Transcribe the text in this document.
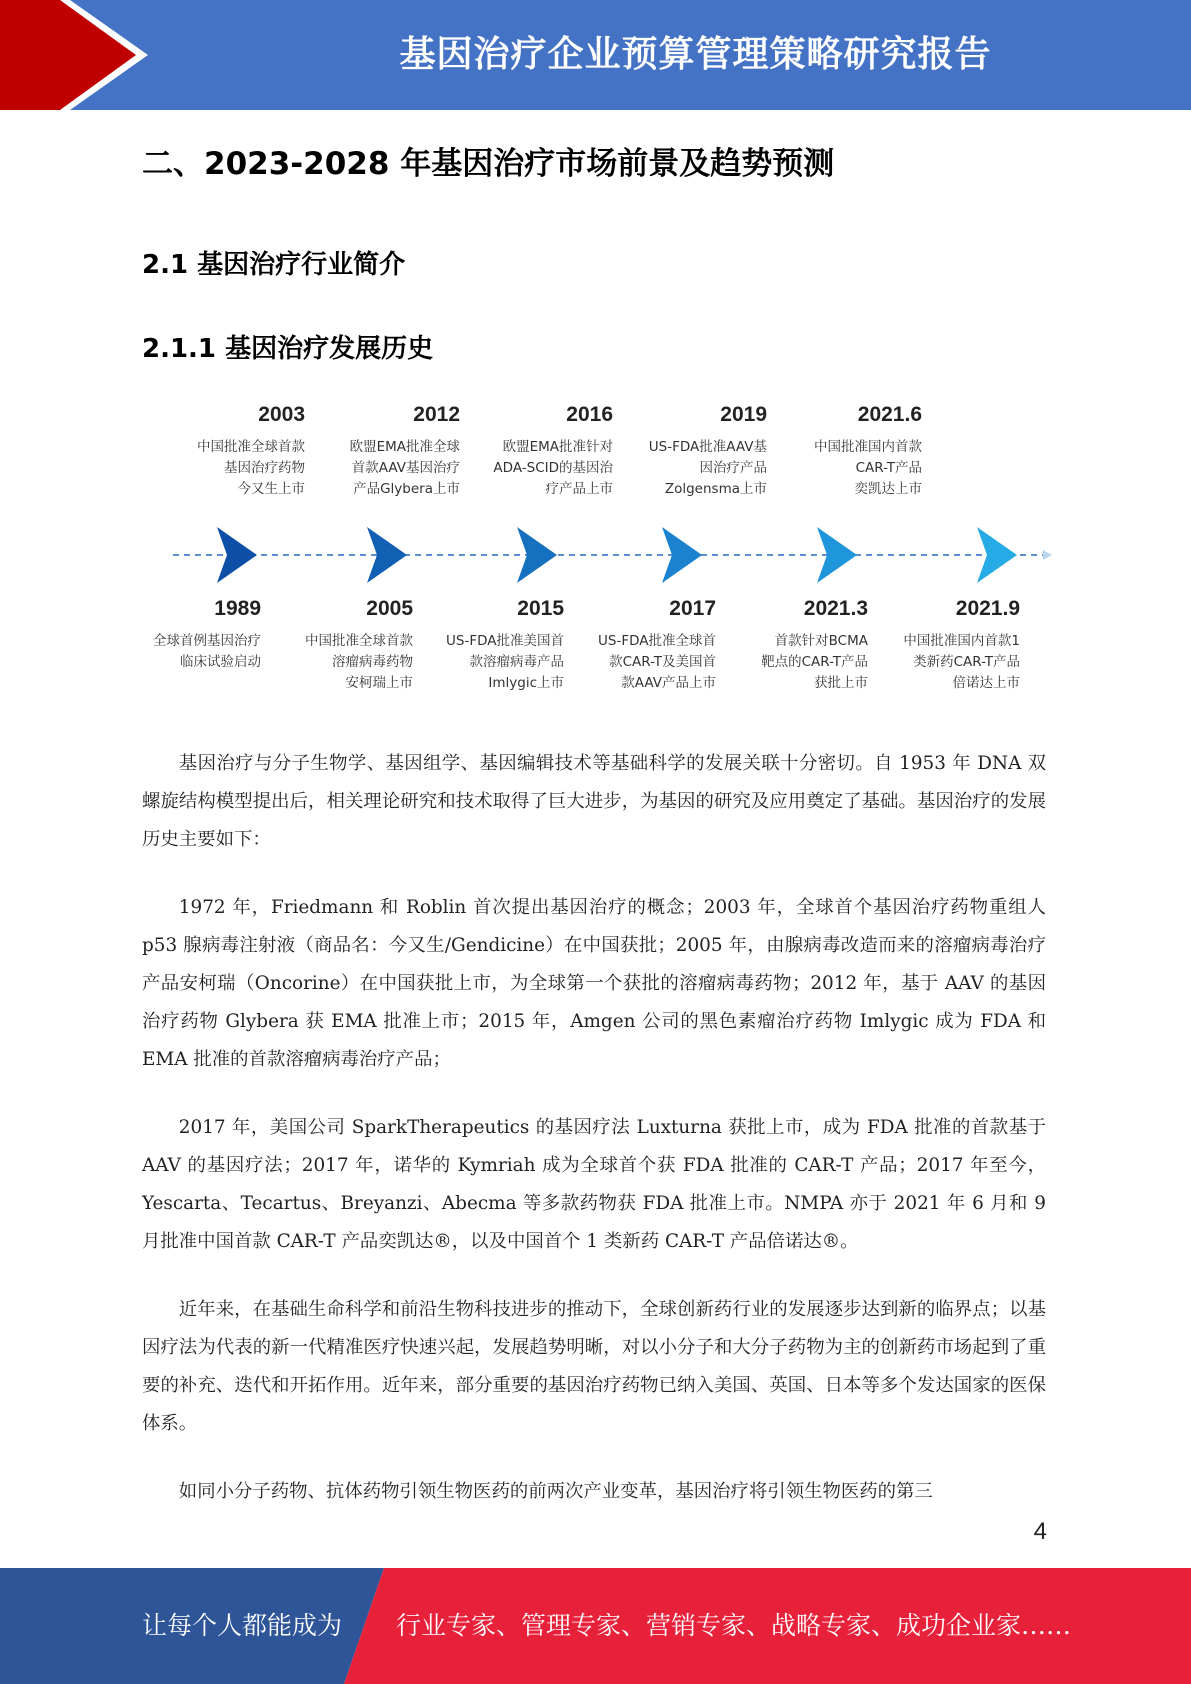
基因治疗企业预算管理策略研究报告
二、2023-2028 年基因治疗市场前景及趋势预测
2.1 基因治疗行业简介
2.1.1 基因治疗发展历史
2003
中国批准全球首款
基因治疗药物
今又生上市
2012
欧盟EMA批准全球
首款AAV基因治疗
产品Glybera上市
2016
欧盟EMA批准针对
ADA-SCID的基因治
疗产品上市
2019
US-FDA批准AAV基
因治疗产品
Zolgensma上市
2021.6
中国批准国内首款
CAR-T产品
奕凯达上市
1989
全球首例基因治疗
临床试验启动
2005
中国批准全球首款
溶瘤病毒药物
安柯瑞上市
2015
US-FDA批准美国首
款溶瘤病毒产品
Imlygic上市
2017
US-FDA批准全球首
款CAR-T及美国首
款AAV产品上市
2021.3
首款针对BCMA
靶点的CAR-T产品
获批上市
2021.9
中国批准国内首款1
类新药CAR-T产品
倍诺达上市

基因治疗与分子生物学、基因组学、基因编辑技术等基础科学的发展关联十分密切。自 1953 年 DNA 双螺旋结构模型提出后，相关理论研究和技术取得了巨大进步，为基因的研究及应用奠定了基础。基因治疗的发展历史主要如下：

1972 年，Friedmann 和 Roblin 首次提出基因治疗的概念；2003 年，全球首个基因治疗药物重组人 p53 腺病毒注射液（商品名：今又生/Gendicine）在中国获批；2005 年，由腺病毒改造而来的溶瘤病毒治疗产品安柯瑞（Oncorine）在中国获批上市，为全球第一个获批的溶瘤病毒药物；2012 年，基于 AAV 的基因治疗药物 Glybera 获 EMA 批准上市；2015 年，Amgen 公司的黑色素瘤治疗药物 Imlygic 成为 FDA 和 EMA 批准的首款溶瘤病毒治疗产品；

2017 年，美国公司 SparkTherapeutics 的基因疗法 Luxturna 获批上市，成为 FDA 批准的首款基于 AAV 的基因疗法；2017 年，诺华的 Kymriah 成为全球首个获 FDA 批准的 CAR-T 产品；2017 年至今，Yescarta、Tecartus、Breyanzi、Abecma 等多款药物获 FDA 批准上市。NMPA 亦于 2021 年 6 月和 9 月批准中国首款 CAR-T 产品奕凯达®，以及中国首个 1 类新药 CAR-T 产品倍诺达®。

近年来，在基础生命科学和前沿生物科技进步的推动下，全球创新药行业的发展逐步达到新的临界点；以基因疗法为代表的新一代精准医疗快速兴起，发展趋势明晰，对以小分子和大分子药物为主的创新药市场起到了重要的补充、迭代和开拓作用。近年来，部分重要的基因治疗药物已纳入美国、英国、日本等多个发达国家的医保体系。

如同小分子药物、抗体药物引领生物医药的前两次产业变革，基因治疗将引领生物医药的第三

4
让每个人都能成为 行业专家、管理专家、营销专家、战略专家、成功企业家……
